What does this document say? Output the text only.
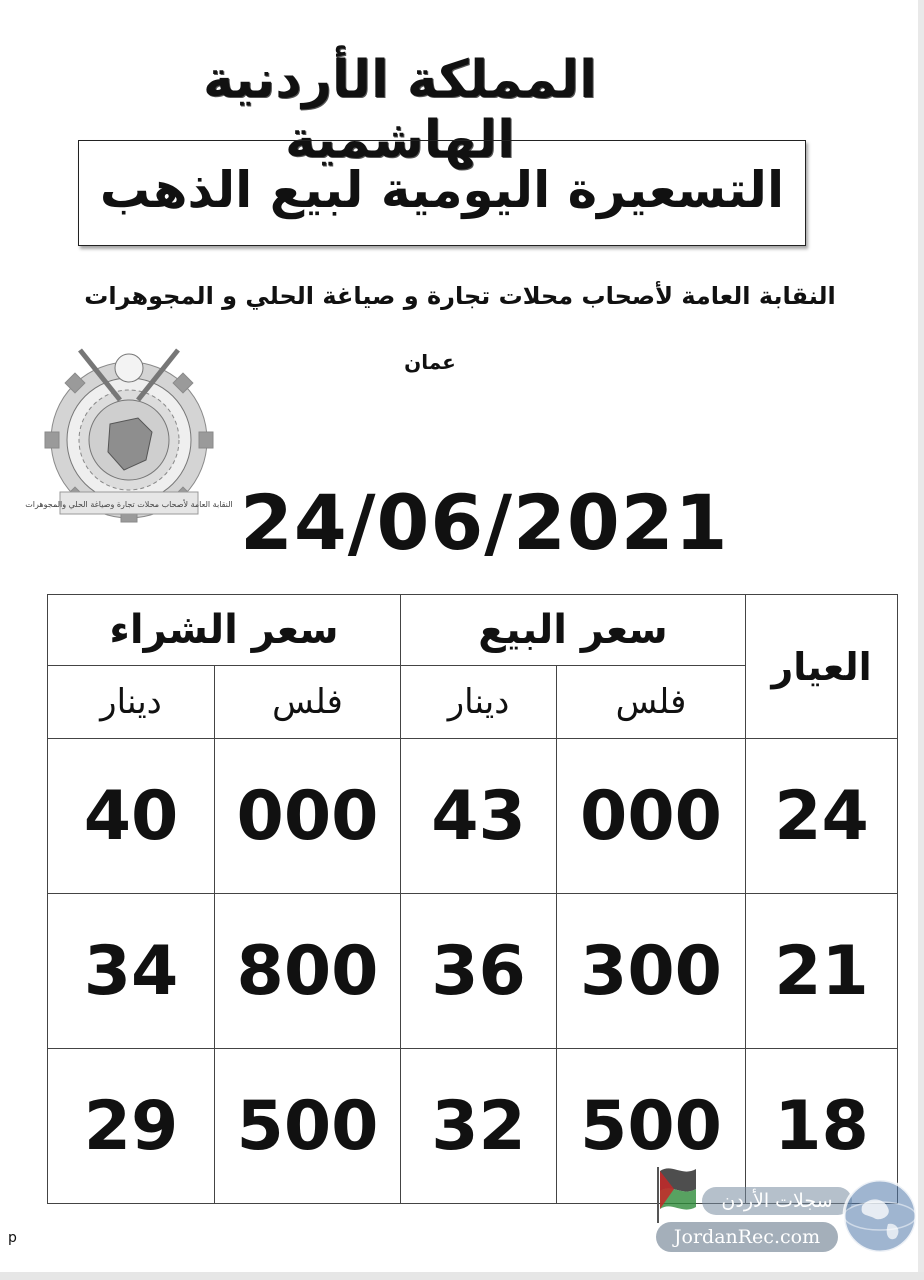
المملكة الأردنية الهاشمية
التسعيرة اليومية لبيع الذهب
النقابة العامة لأصحاب محلات تجارة و صياغة الحلي و المجوهرات
عمان
النقابة العامة لأصحاب محلات تجارة وصياغة الحلي والمجوهرات 24/06/2021
العيار	سعر البيع		سعر الشراء	
	فلس	دينار	فلس	دينار
24	000	43	000	40
21	300	36	800	34
18	500	32	500	29
سجلات الأردن
JordanRec.com
p
